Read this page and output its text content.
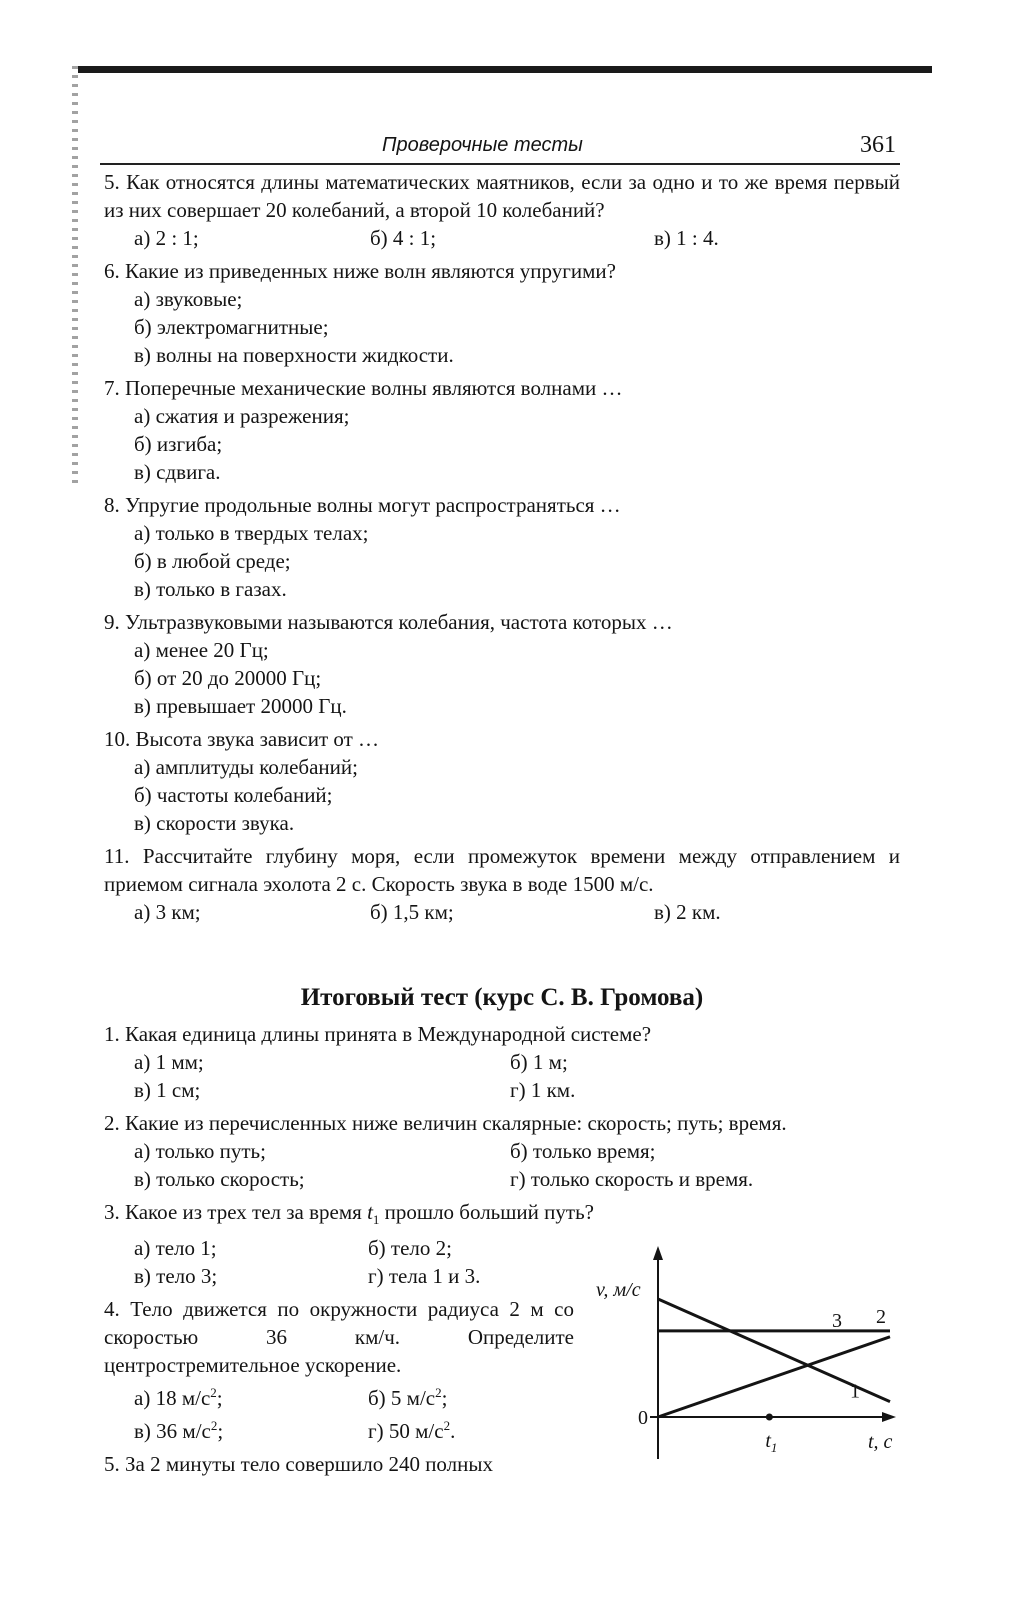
Проверочные тесты	361
5. Как относятся длины математических маятников, если за одно и то же время первый из них совершает 20 колебаний, а второй 10 колебаний?
а) 2 : 1;	б) 4 : 1;	в) 1 : 4.
6. Какие из приведенных ниже волн являются упругими?
а) звуковые;
б) электромагнитные;
в) волны на поверхности жидкости.
7. Поперечные механические волны являются волнами …
а) сжатия и разрежения;
б) изгиба;
в) сдвига.
8. Упругие продольные волны могут распространяться …
а) только в твердых телах;
б) в любой среде;
в) только в газах.
9. Ультразвуковыми называются колебания, частота которых …
а) менее 20 Гц;
б) от 20 до 20000 Гц;
в) превышает 20000 Гц.
10. Высота звука зависит от …
а) амплитуды колебаний;
б) частоты колебаний;
в) скорости звука.
11. Рассчитайте глубину моря, если промежуток времени между отправлением и приемом сигнала эхолота 2 с. Скорость звука в воде 1500 м/с.
а) 3 км;	б) 1,5 км;	в) 2 км.
Итоговый тест (курс С. В. Громова)
1. Какая единица длины принята в Международной системе?
а) 1 мм;	б) 1 м;
в) 1 см;	г) 1 км.
2. Какие из перечисленных ниже величин скалярные: скорость; путь; время.
а) только путь;	б) только время;
в) только скорость;	г) только скорость и время.
3. Какое из трех тел за время $t_1$ прошло больший путь?
а) тело 1;	б) тело 2;
в) тело 3;	г) тела 1 и 3.
4. Тело движется по окружности радиуса 2 м со скоростью 36 км/ч. Определите центростремительное ускорение.
а) 18 $м/с^2$;	б) 5 $м/с^2$;
в) 36 $м/с^2$;	г) 50 $м/с^2$.
5. За 2 минуты тело совершило 240 полных
v, м/с
t, с
0
1
2
3
$t_1$
